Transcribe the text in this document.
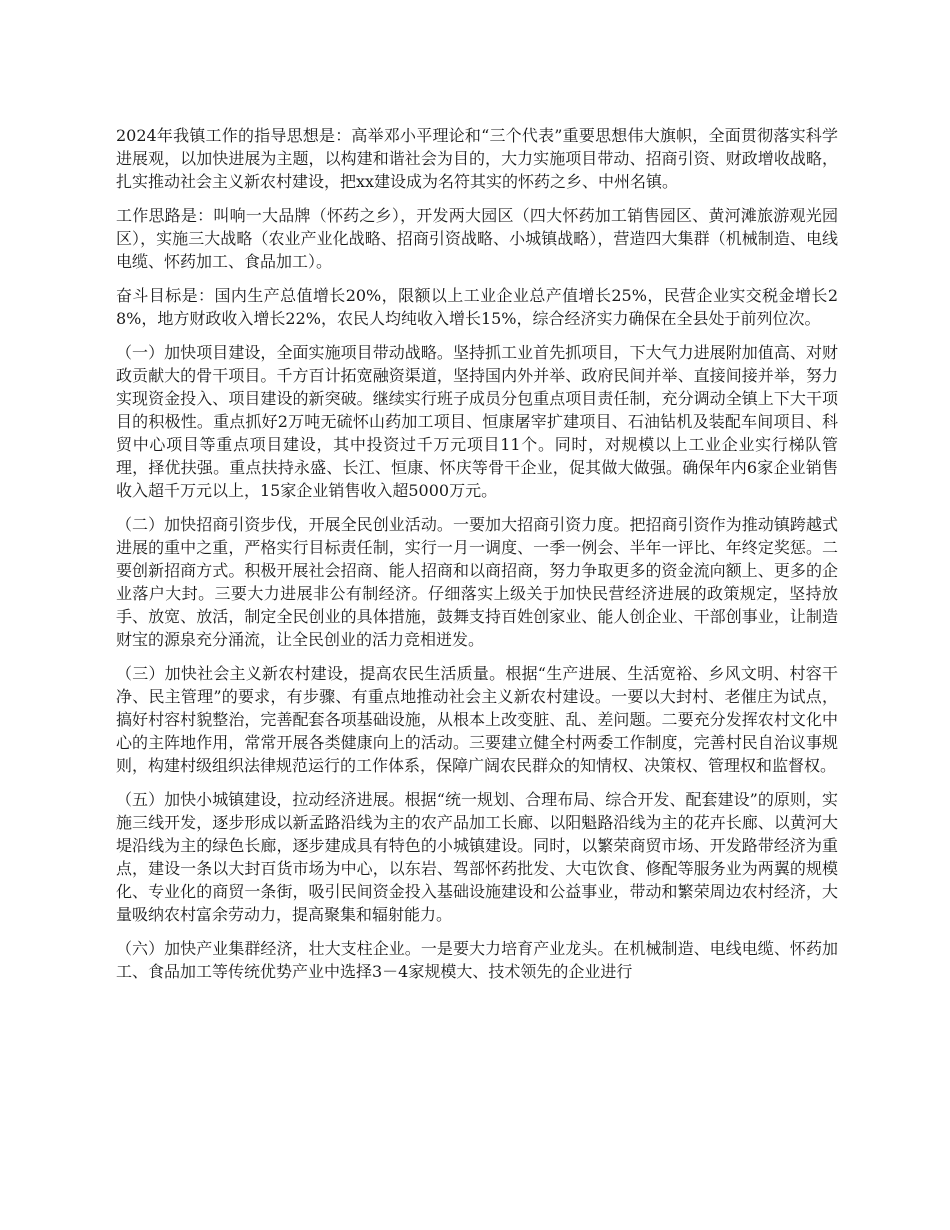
2024年我镇工作的指导思想是：高举邓小平理论和“三个代表”重要思想伟大旗帜，全面贯彻落实科学进展观，以加快进展为主题，以构建和谐社会为目的，大力实施项目带动、招商引资、财政增收战略，扎实推动社会主义新农村建设，把xx建设成为名符其实的怀药之乡、中州名镇。

工作思路是：叫响一大品牌（怀药之乡），开发两大园区（四大怀药加工销售园区、黄河滩旅游观光园区），实施三大战略（农业产业化战略、招商引资战略、小城镇战略），营造四大集群（机械制造、电线电缆、怀药加工、食品加工）。

奋斗目标是：国内生产总值增长20%，限额以上工业企业总产值增长25%，民营企业实交税金增长28%，地方财政收入增长22%，农民人均纯收入增长15%，综合经济实力确保在全县处于前列位次。

（一）加快项目建设，全面实施项目带动战略。坚持抓工业首先抓项目，下大气力进展附加值高、对财政贡献大的骨干项目。千方百计拓宽融资渠道，坚持国内外并举、政府民间并举、直接间接并举，努力实现资金投入、项目建设的新突破。继续实行班子成员分包重点项目责任制，充分调动全镇上下大干项目的积极性。重点抓好2万吨无硫怀山药加工项目、恒康屠宰扩建项目、石油钻机及装配车间项目、科贸中心项目等重点项目建设，其中投资过千万元项目11个。同时，对规模以上工业企业实行梯队管理，择优扶强。重点扶持永盛、长江、恒康、怀庆等骨干企业，促其做大做强。确保年内6家企业销售收入超千万元以上，15家企业销售收入超5000万元。

（二）加快招商引资步伐，开展全民创业活动。一要加大招商引资力度。把招商引资作为推动镇跨越式进展的重中之重，严格实行目标责任制，实行一月一调度、一季一例会、半年一评比、年终定奖惩。二要创新招商方式。积极开展社会招商、能人招商和以商招商，努力争取更多的资金流向额上、更多的企业落户大封。三要大力进展非公有制经济。仔细落实上级关于加快民营经济进展的政策规定，坚持放手、放宽、放活，制定全民创业的具体措施，鼓舞支持百姓创家业、能人创企业、干部创事业，让制造财宝的源泉充分涌流，让全民创业的活力竞相迸发。

（三）加快社会主义新农村建设，提高农民生活质量。根据“生产进展、生活宽裕、乡风文明、村容干净、民主管理”的要求，有步骤、有重点地推动社会主义新农村建设。一要以大封村、老催庄为试点，搞好村容村貌整治，完善配套各项基础设施，从根本上改变脏、乱、差问题。二要充分发挥农村文化中心的主阵地作用，常常开展各类健康向上的活动。三要建立健全村两委工作制度，完善村民自治议事规则，构建村级组织法律规范运行的工作体系，保障广阔农民群众的知情权、决策权、管理权和监督权。

（五）加快小城镇建设，拉动经济进展。根据“统一规划、合理布局、综合开发、配套建设”的原则，实施三线开发，逐步形成以新孟路沿线为主的农产品加工长廊、以阳魁路沿线为主的花卉长廊、以黄河大堤沿线为主的绿色长廊，逐步建成具有特色的小城镇建设。同时，以繁荣商贸市场、开发路带经济为重点，建设一条以大封百货市场为中心，以东岩、驾部怀药批发、大屯饮食、修配等服务业为两翼的规模化、专业化的商贸一条街，吸引民间资金投入基础设施建设和公益事业，带动和繁荣周边农村经济，大量吸纳农村富余劳动力，提高聚集和辐射能力。

（六）加快产业集群经济，壮大支柱企业。一是要大力培育产业龙头。在机械制造、电线电缆、怀药加工、食品加工等传统优势产业中选择3－4家规模大、技术领先的企业进行
